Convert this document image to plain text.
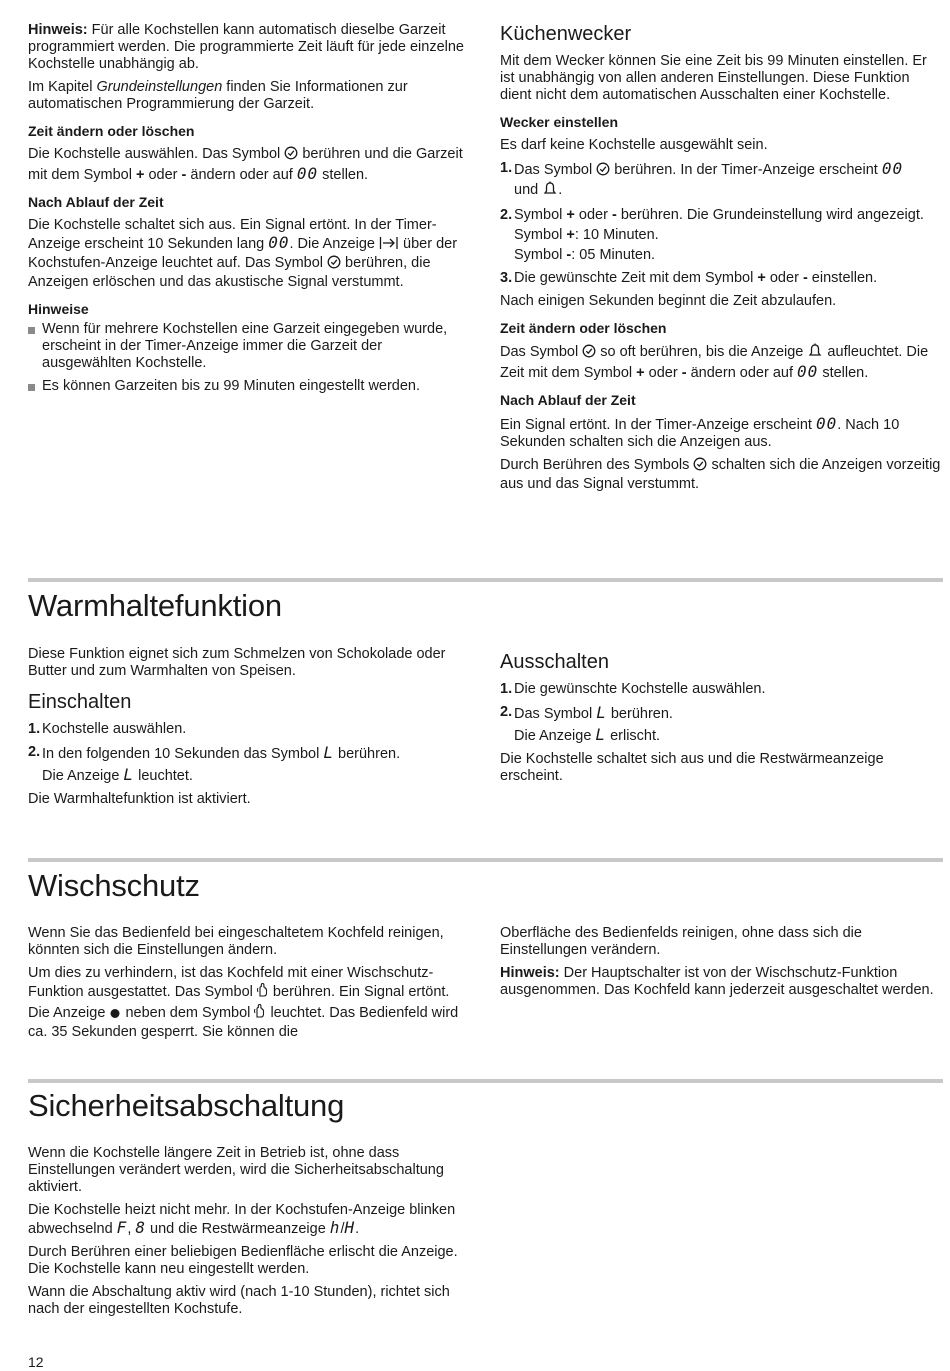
Hinweis: Für alle Kochstellen kann automatisch dieselbe Garzeit programmiert werden. Die programmierte Zeit läuft für jede einzelne Kochstelle unabhängig ab.

Im Kapitel Grundeinstellungen finden Sie Informationen zur automatischen Programmierung der Garzeit.

Zeit ändern oder löschen

Die Kochstelle auswählen. Das Symbol  berühren und die Garzeit mit dem Symbol + oder - ändern oder auf 00 stellen.

Nach Ablauf der Zeit

Die Kochstelle schaltet sich aus. Ein Signal ertönt. In der Timer-Anzeige erscheint 10 Sekunden lang 00. Die Anzeige  über der Kochstufen-Anzeige leuchtet auf. Das Symbol  berühren, die Anzeigen erlöschen und das akustische Signal verstummt.

Hinweise
Wenn für mehrere Kochstellen eine Garzeit eingegeben wurde, erscheint in der Timer-Anzeige immer die Garzeit der ausgewählten Kochstelle.
Es können Garzeiten bis zu 99 Minuten eingestellt werden.
Küchenwecker

Mit dem Wecker können Sie eine Zeit bis 99 Minuten einstellen. Er ist unabhängig von allen anderen Einstellungen. Diese Funktion dient nicht dem automatischen Ausschalten einer Kochstelle.

Wecker einstellen

Es darf keine Kochstelle ausgewählt sein.

1. Das Symbol  berühren. In der Timer-Anzeige erscheint 00
und .
2. Symbol + oder - berühren. Die Grundeinstellung wird angezeigt.
Symbol +: 10 Minuten.
Symbol -: 05 Minuten.
3. Die gewünschte Zeit mit dem Symbol + oder - einstellen.

Nach einigen Sekunden beginnt die Zeit abzulaufen.

Zeit ändern oder löschen

Das Symbol  so oft berühren, bis die Anzeige  aufleuchtet. Die Zeit mit dem Symbol + oder - ändern oder auf 00 stellen.

Nach Ablauf der Zeit

Ein Signal ertönt. In der Timer-Anzeige erscheint 00. Nach 10 Sekunden schalten sich die Anzeigen aus.

Durch Berühren des Symbols  schalten sich die Anzeigen vorzeitig aus und das Signal verstummt.

Warmhaltefunktion

Diese Funktion eignet sich zum Schmelzen von Schokolade oder Butter und zum Warmhalten von Speisen.

Einschalten
1. Kochstelle auswählen.
2. In den folgenden 10 Sekunden das Symbol L berühren.
Die Anzeige L leuchtet.

Die Warmhaltefunktion ist aktiviert.

Ausschalten
1. Die gewünschte Kochstelle auswählen.
2. Das Symbol L berühren.
Die Anzeige L erlischt.

Die Kochstelle schaltet sich aus und die Restwärmeanzeige erscheint.

Wischschutz

Wenn Sie das Bedienfeld bei eingeschaltetem Kochfeld reinigen, könnten sich die Einstellungen ändern.

Um dies zu verhindern, ist das Kochfeld mit einer Wischschutz-Funktion ausgestattet. Das Symbol  berühren. Ein Signal ertönt. Die Anzeige  neben dem Symbol  leuchtet. Das Bedienfeld wird ca. 35 Sekunden gesperrt. Sie können die

Oberfläche des Bedienfelds reinigen, ohne dass sich die Einstellungen verändern.

Hinweis: Der Hauptschalter ist von der Wischschutz-Funktion ausgenommen. Das Kochfeld kann jederzeit ausgeschaltet werden.

Sicherheitsabschaltung

Wenn die Kochstelle längere Zeit in Betrieb ist, ohne dass Einstellungen verändert werden, wird die Sicherheitsabschaltung aktiviert.

Die Kochstelle heizt nicht mehr. In der Kochstufen-Anzeige blinken abwechselnd F, 8 und die Restwärmeanzeige h/H.

Durch Berühren einer beliebigen Bedienfläche erlischt die Anzeige. Die Kochstelle kann neu eingestellt werden.

Wann die Abschaltung aktiv wird (nach 1-10 Stunden), richtet sich nach der eingestellten Kochstufe.

12
